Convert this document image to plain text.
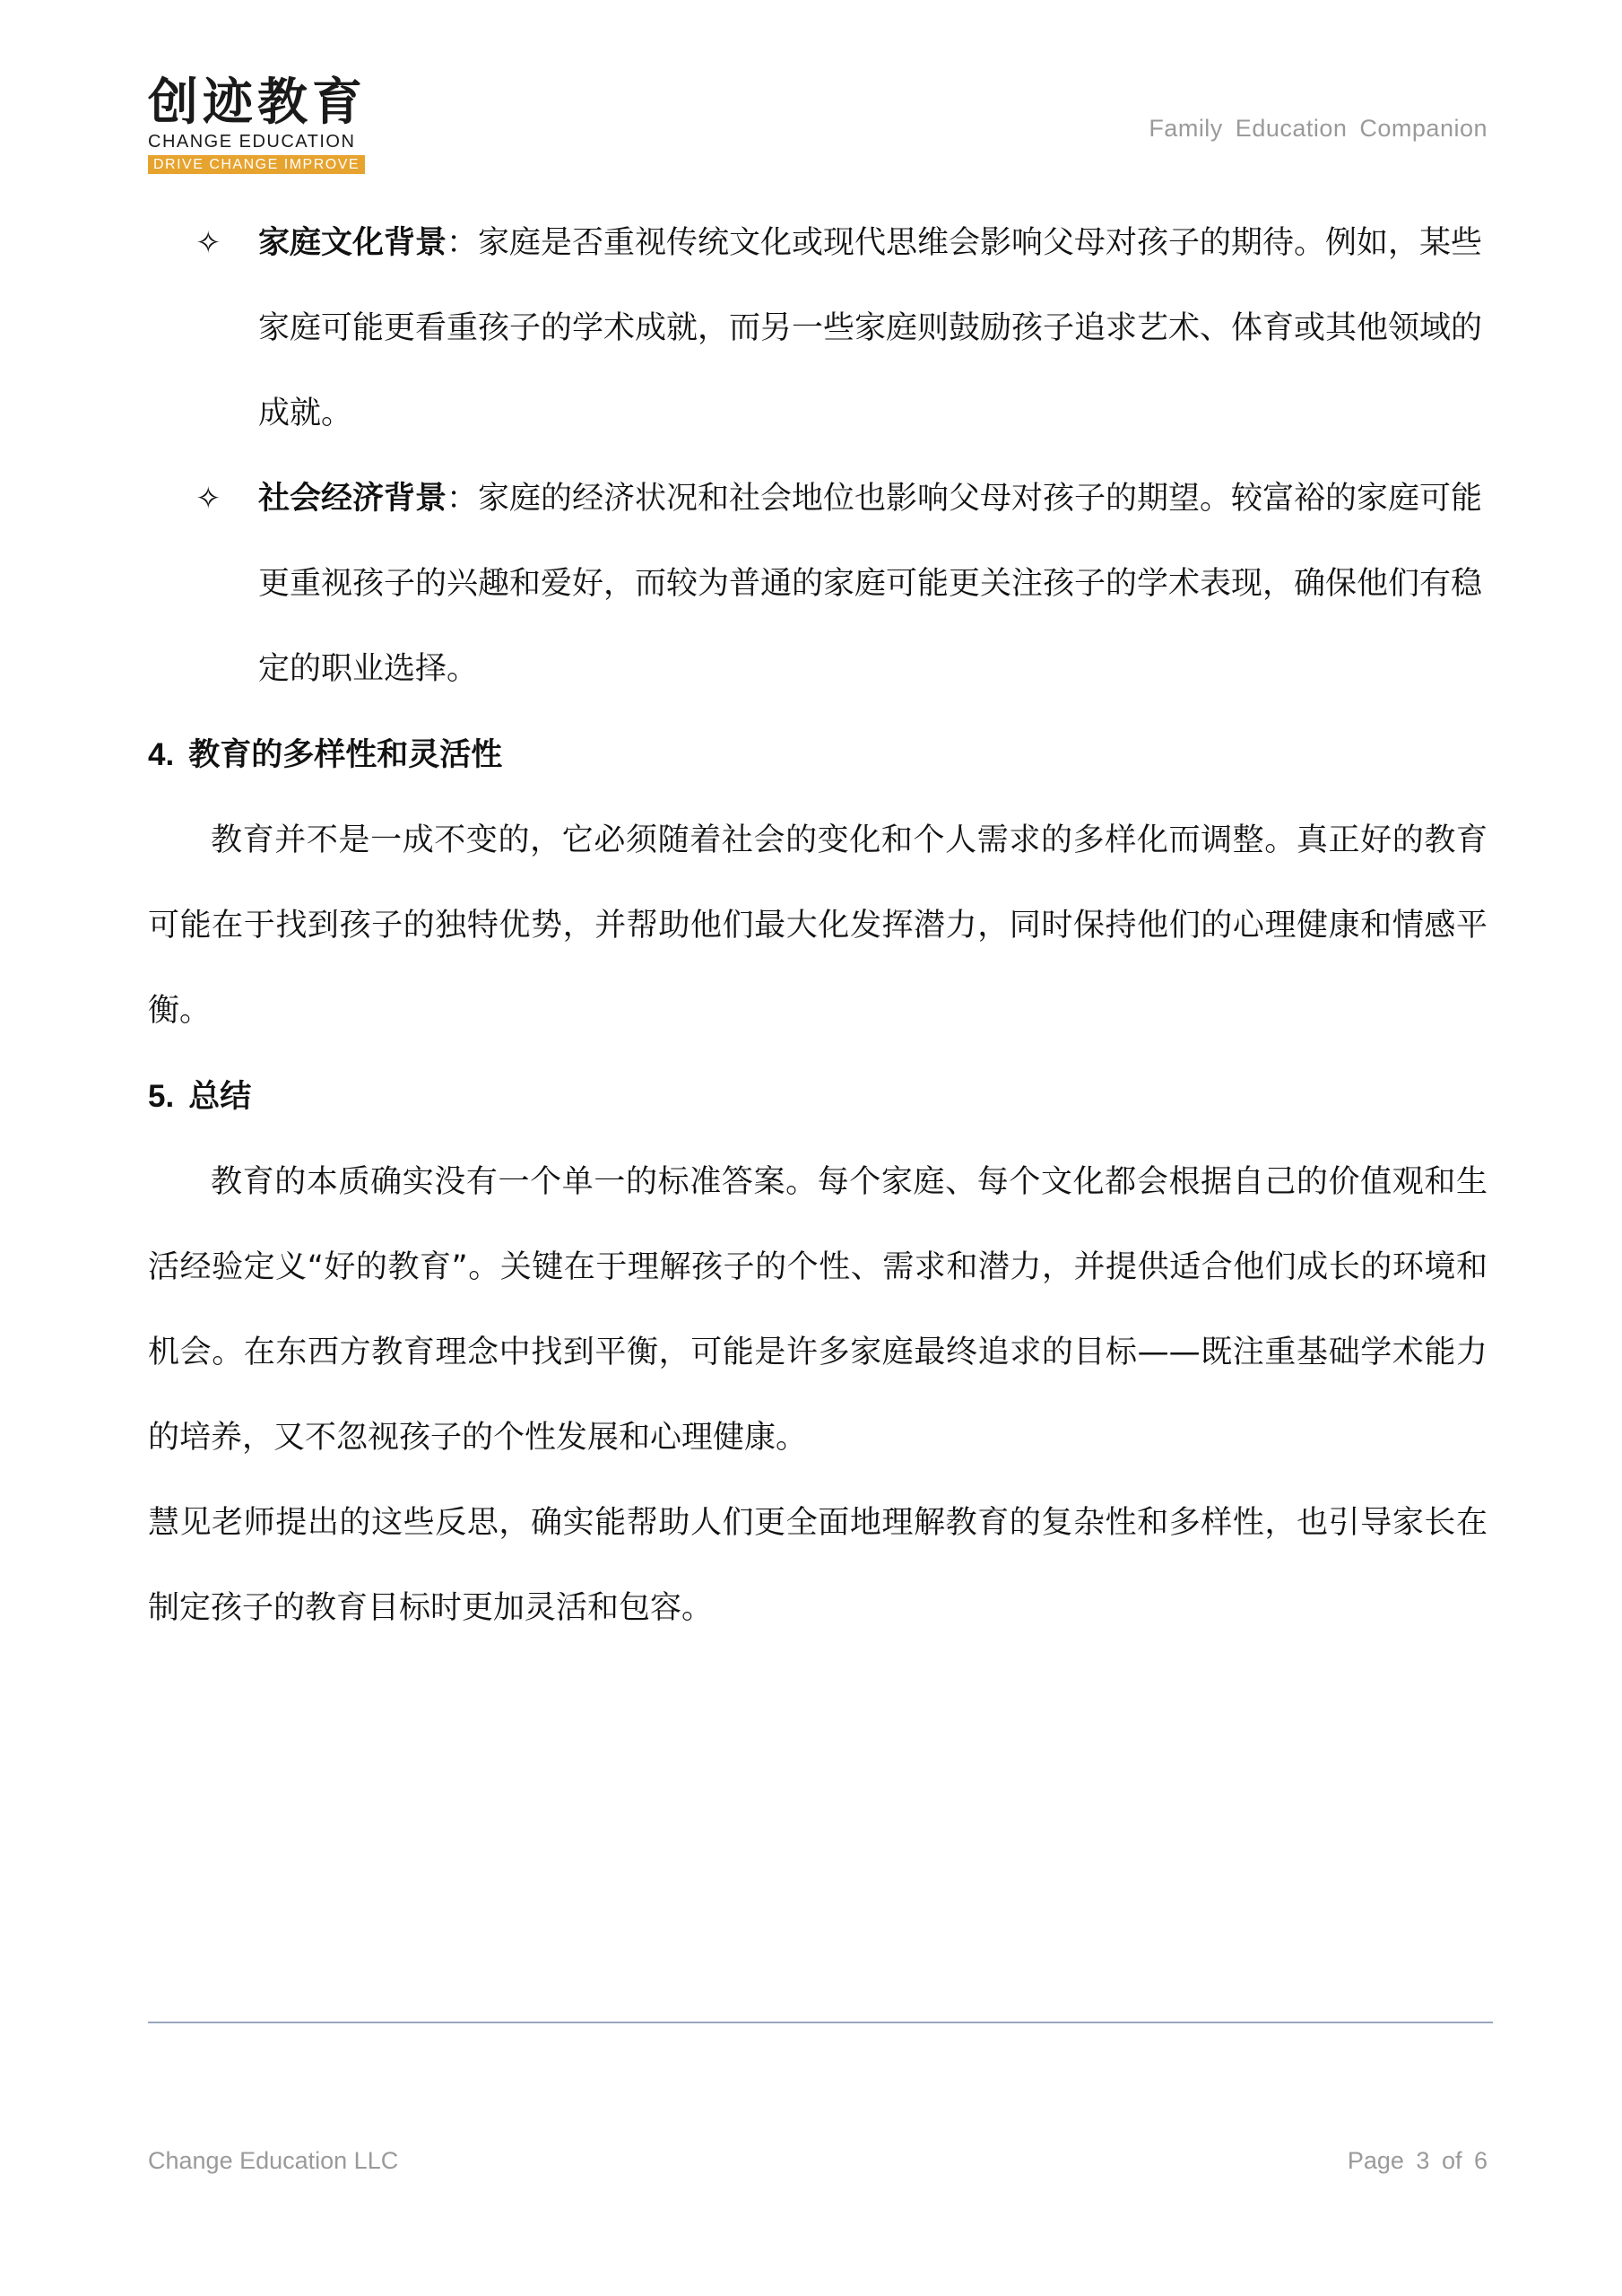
创迹教育
CHANGE EDUCATION
DRIVE CHANGE IMPROVE
Family Education Companion
✧ 家庭文化背景：家庭是否重视传统文化或现代思维会影响父母对孩子的期待。例如，某些家庭可能更看重孩子的学术成就，而另一些家庭则鼓励孩子追求艺术、体育或其他领域的成就。
✧ 社会经济背景：家庭的经济状况和社会地位也影响父母对孩子的期望。较富裕的家庭可能更重视孩子的兴趣和爱好，而较为普通的家庭可能更关注孩子的学术表现，确保他们有稳定的职业选择。
4. 教育的多样性和灵活性
教育并不是一成不变的，它必须随着社会的变化和个人需求的多样化而调整。真正好的教育可能在于找到孩子的独特优势，并帮助他们最大化发挥潜力，同时保持他们的心理健康和情感平衡。
5. 总结
教育的本质确实没有一个单一的标准答案。每个家庭、每个文化都会根据自己的价值观和生活经验定义“好的教育”。关键在于理解孩子的个性、需求和潜力，并提供适合他们成长的环境和机会。在东西方教育理念中找到平衡，可能是许多家庭最终追求的目标——既注重基础学术能力的培养，又不忽视孩子的个性发展和心理健康。
慧见老师提出的这些反思，确实能帮助人们更全面地理解教育的复杂性和多样性，也引导家长在制定孩子的教育目标时更加灵活和包容。
Change Education LLC	Page 3 of 6
